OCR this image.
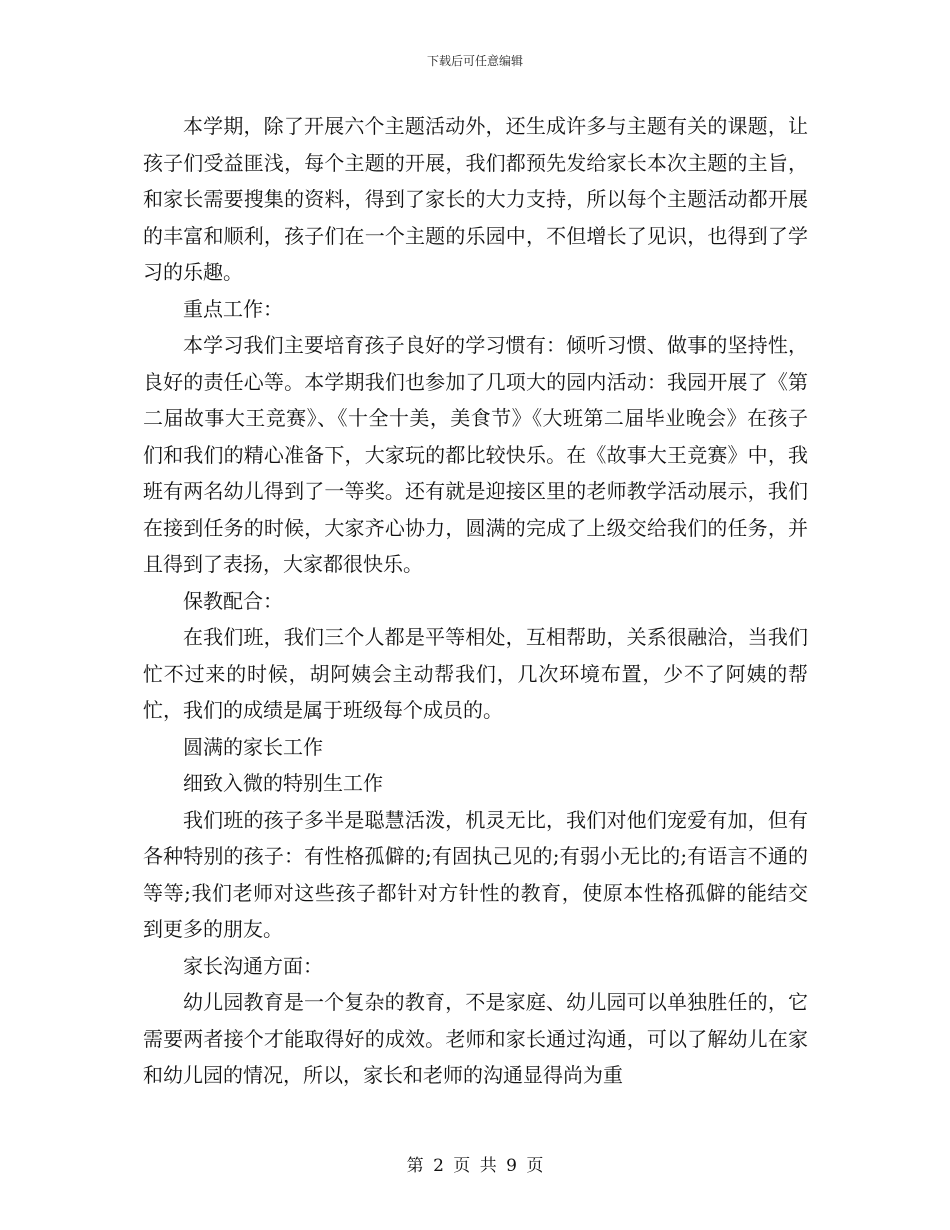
下载后可任意编辑

本学期，除了开展六个主题活动外，还生成许多与主题有关的课题，让孩子们受益匪浅，每个主题的开展，我们都预先发给家长本次主题的主旨，和家长需要搜集的资料，得到了家长的大力支持，所以每个主题活动都开展的丰富和顺利，孩子们在一个主题的乐园中，不但增长了见识，也得到了学习的乐趣。

重点工作：

本学习我们主要培育孩子良好的学习惯有：倾听习惯、做事的坚持性，良好的责任心等。本学期我们也参加了几项大的园内活动：我园开展了《第二届故事大王竞赛》、《十全十美，美食节》《大班第二届毕业晚会》在孩子们和我们的精心准备下，大家玩的都比较快乐。在《故事大王竞赛》中，我班有两名幼儿得到了一等奖。还有就是迎接区里的老师教学活动展示，我们在接到任务的时候，大家齐心协力，圆满的完成了上级交给我们的任务，并且得到了表扬，大家都很快乐。

保教配合：

在我们班，我们三个人都是平等相处，互相帮助，关系很融洽，当我们忙不过来的时候，胡阿姨会主动帮我们，几次环境布置，少不了阿姨的帮忙，我们的成绩是属于班级每个成员的。

圆满的家长工作

细致入微的特别生工作

我们班的孩子多半是聪慧活泼，机灵无比，我们对他们宠爱有加，但有各种特别的孩子：有性格孤僻的;有固执己见的;有弱小无比的;有语言不通的等等;我们老师对这些孩子都针对方针性的教育，使原本性格孤僻的能结交到更多的朋友。

家长沟通方面：

幼儿园教育是一个复杂的教育，不是家庭、幼儿园可以单独胜任的，它需要两者接个才能取得好的成效。老师和家长通过沟通，可以了解幼儿在家和幼儿园的情况，所以，家长和老师的沟通显得尚为重

第 2 页 共 9 页
